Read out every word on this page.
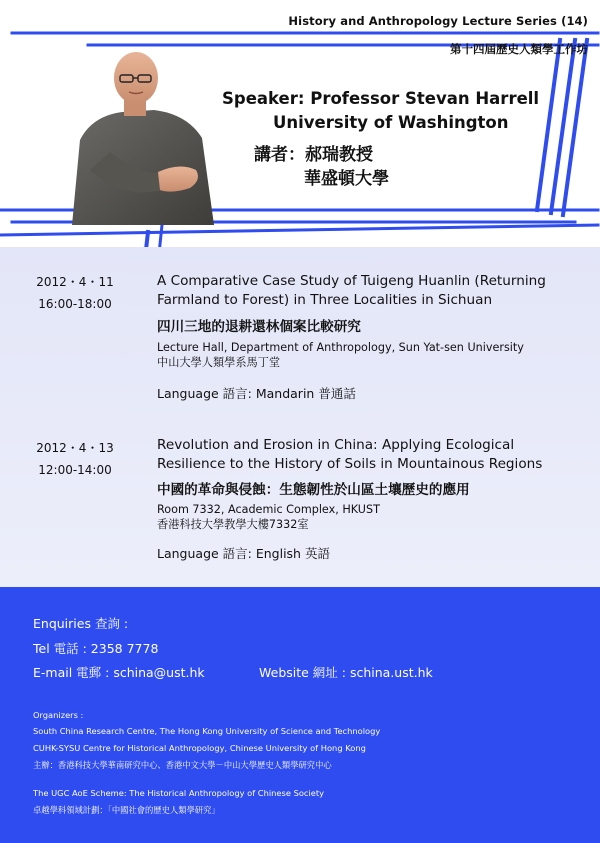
History and Anthropology Lecture Series (14)
第十四屆歷史人類學工作坊
Speaker: Professor Stevan Harrell
University of Washington
講者：郝瑞教授
華盛頓大學
2012・4・11
16:00-18:00
A Comparative Case Study of Tuigeng Huanlin (Returning
Farmland to Forest) in Three Localities in Sichuan
四川三地的退耕還林個案比較研究
Lecture Hall, Department of Anthropology, Sun Yat-sen University
中山大學人類學系馬丁堂
Language 語言: Mandarin 普通話
2012・4・13
12:00-14:00
Revolution and Erosion in China: Applying Ecological
Resilience to the History of Soils in Mountainous Regions
中國的革命與侵蝕：生態韌性於山區土壤歷史的應用
Room 7332, Academic Complex, HKUST
香港科技大學教學大樓7332室
Language 語言: English 英語
Enquiries 查詢 :
Tel 電話 : 2358 7778
E-mail 電郵 : schina@ust.hk	Website 網址 : schina.ust.hk
Organizers :
South China Research Centre, The Hong Kong University of Science and Technology
CUHK-SYSU Centre for Historical Anthropology, Chinese University of Hong Kong
主辦：香港科技大學華南研究中心、香港中文大學－中山大學歷史人類學研究中心
The UGC AoE Scheme: The Historical Anthropology of Chinese Society
卓越學科領域計劃：「中國社會的歷史人類學研究」
